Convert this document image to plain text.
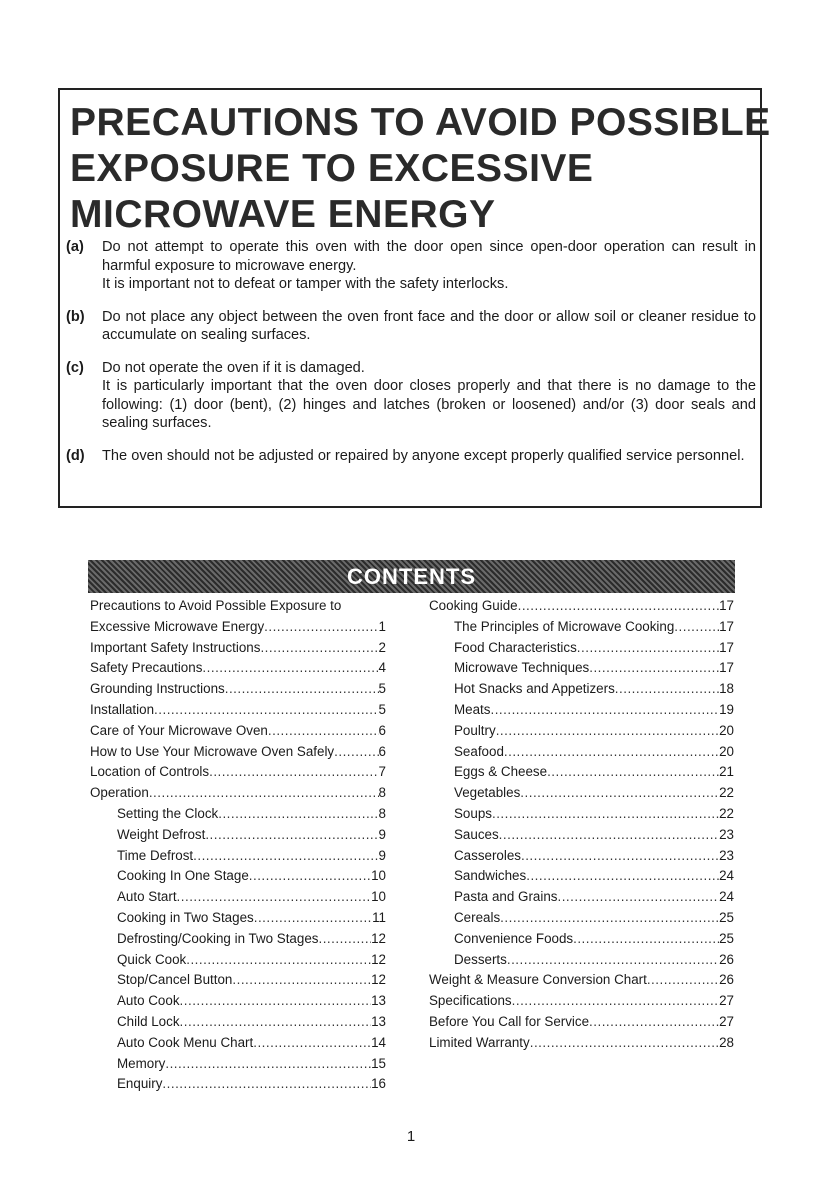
PRECAUTIONS TO AVOID POSSIBLE
EXPOSURE TO EXCESSIVE
MICROWAVE ENERGY
(a) Do not attempt to operate this oven with the door open since open-door operation can result in harmful exposure to microwave energy.
It is important not to defeat or tamper with the safety interlocks.
(b) Do not place any object between the oven front face and the door or allow soil or cleaner residue to accumulate on sealing surfaces.
(c) Do not operate the oven if it is damaged.
It is particularly important that the oven door closes properly and that there is no damage to the following: (1) door (bent), (2) hinges and latches (broken or loosened) and/or (3) door seals and sealing surfaces.
(d) The oven should not be adjusted or repaired by anyone except properly qualified service personnel.
CONTENTS
Precautions to Avoid Possible Exposure to
Excessive Microwave Energy .....	1
Important Safety Instructions .....	2
Safety Precautions .....	4
Grounding Instructions .....	5
Installation .....	5
Care of Your Microwave Oven .....	6
How to Use Your Microwave Oven Safely .....	6
Location of Controls .....	7
Operation .....	8
Setting the Clock .....	8
Weight Defrost .....	9
Time Defrost .....	9
Cooking In One Stage .....	10
Auto Start .....	10
Cooking in Two Stages .....	11
Defrosting/Cooking in Two Stages .....	12
Quick Cook .....	12
Stop/Cancel Button .....	12
Auto Cook .....	13
Child Lock .....	13
Auto Cook Menu Chart .....	14
Memory .....	15
Enquiry .....	16
Cooking Guide .....	17
The Principles of Microwave Cooking .....	17
Food Characteristics .....	17
Microwave Techniques .....	17
Hot Snacks and Appetizers .....	18
Meats .....	19
Poultry .....	20
Seafood .....	20
Eggs & Cheese .....	21
Vegetables .....	22
Soups .....	22
Sauces .....	23
Casseroles .....	23
Sandwiches .....	24
Pasta and Grains .....	24
Cereals .....	25
Convenience Foods .....	25
Desserts .....	26
Weight & Measure Conversion Chart .....	26
Specifications .....	27
Before You Call for Service .....	27
Limited Warranty .....	28
1
